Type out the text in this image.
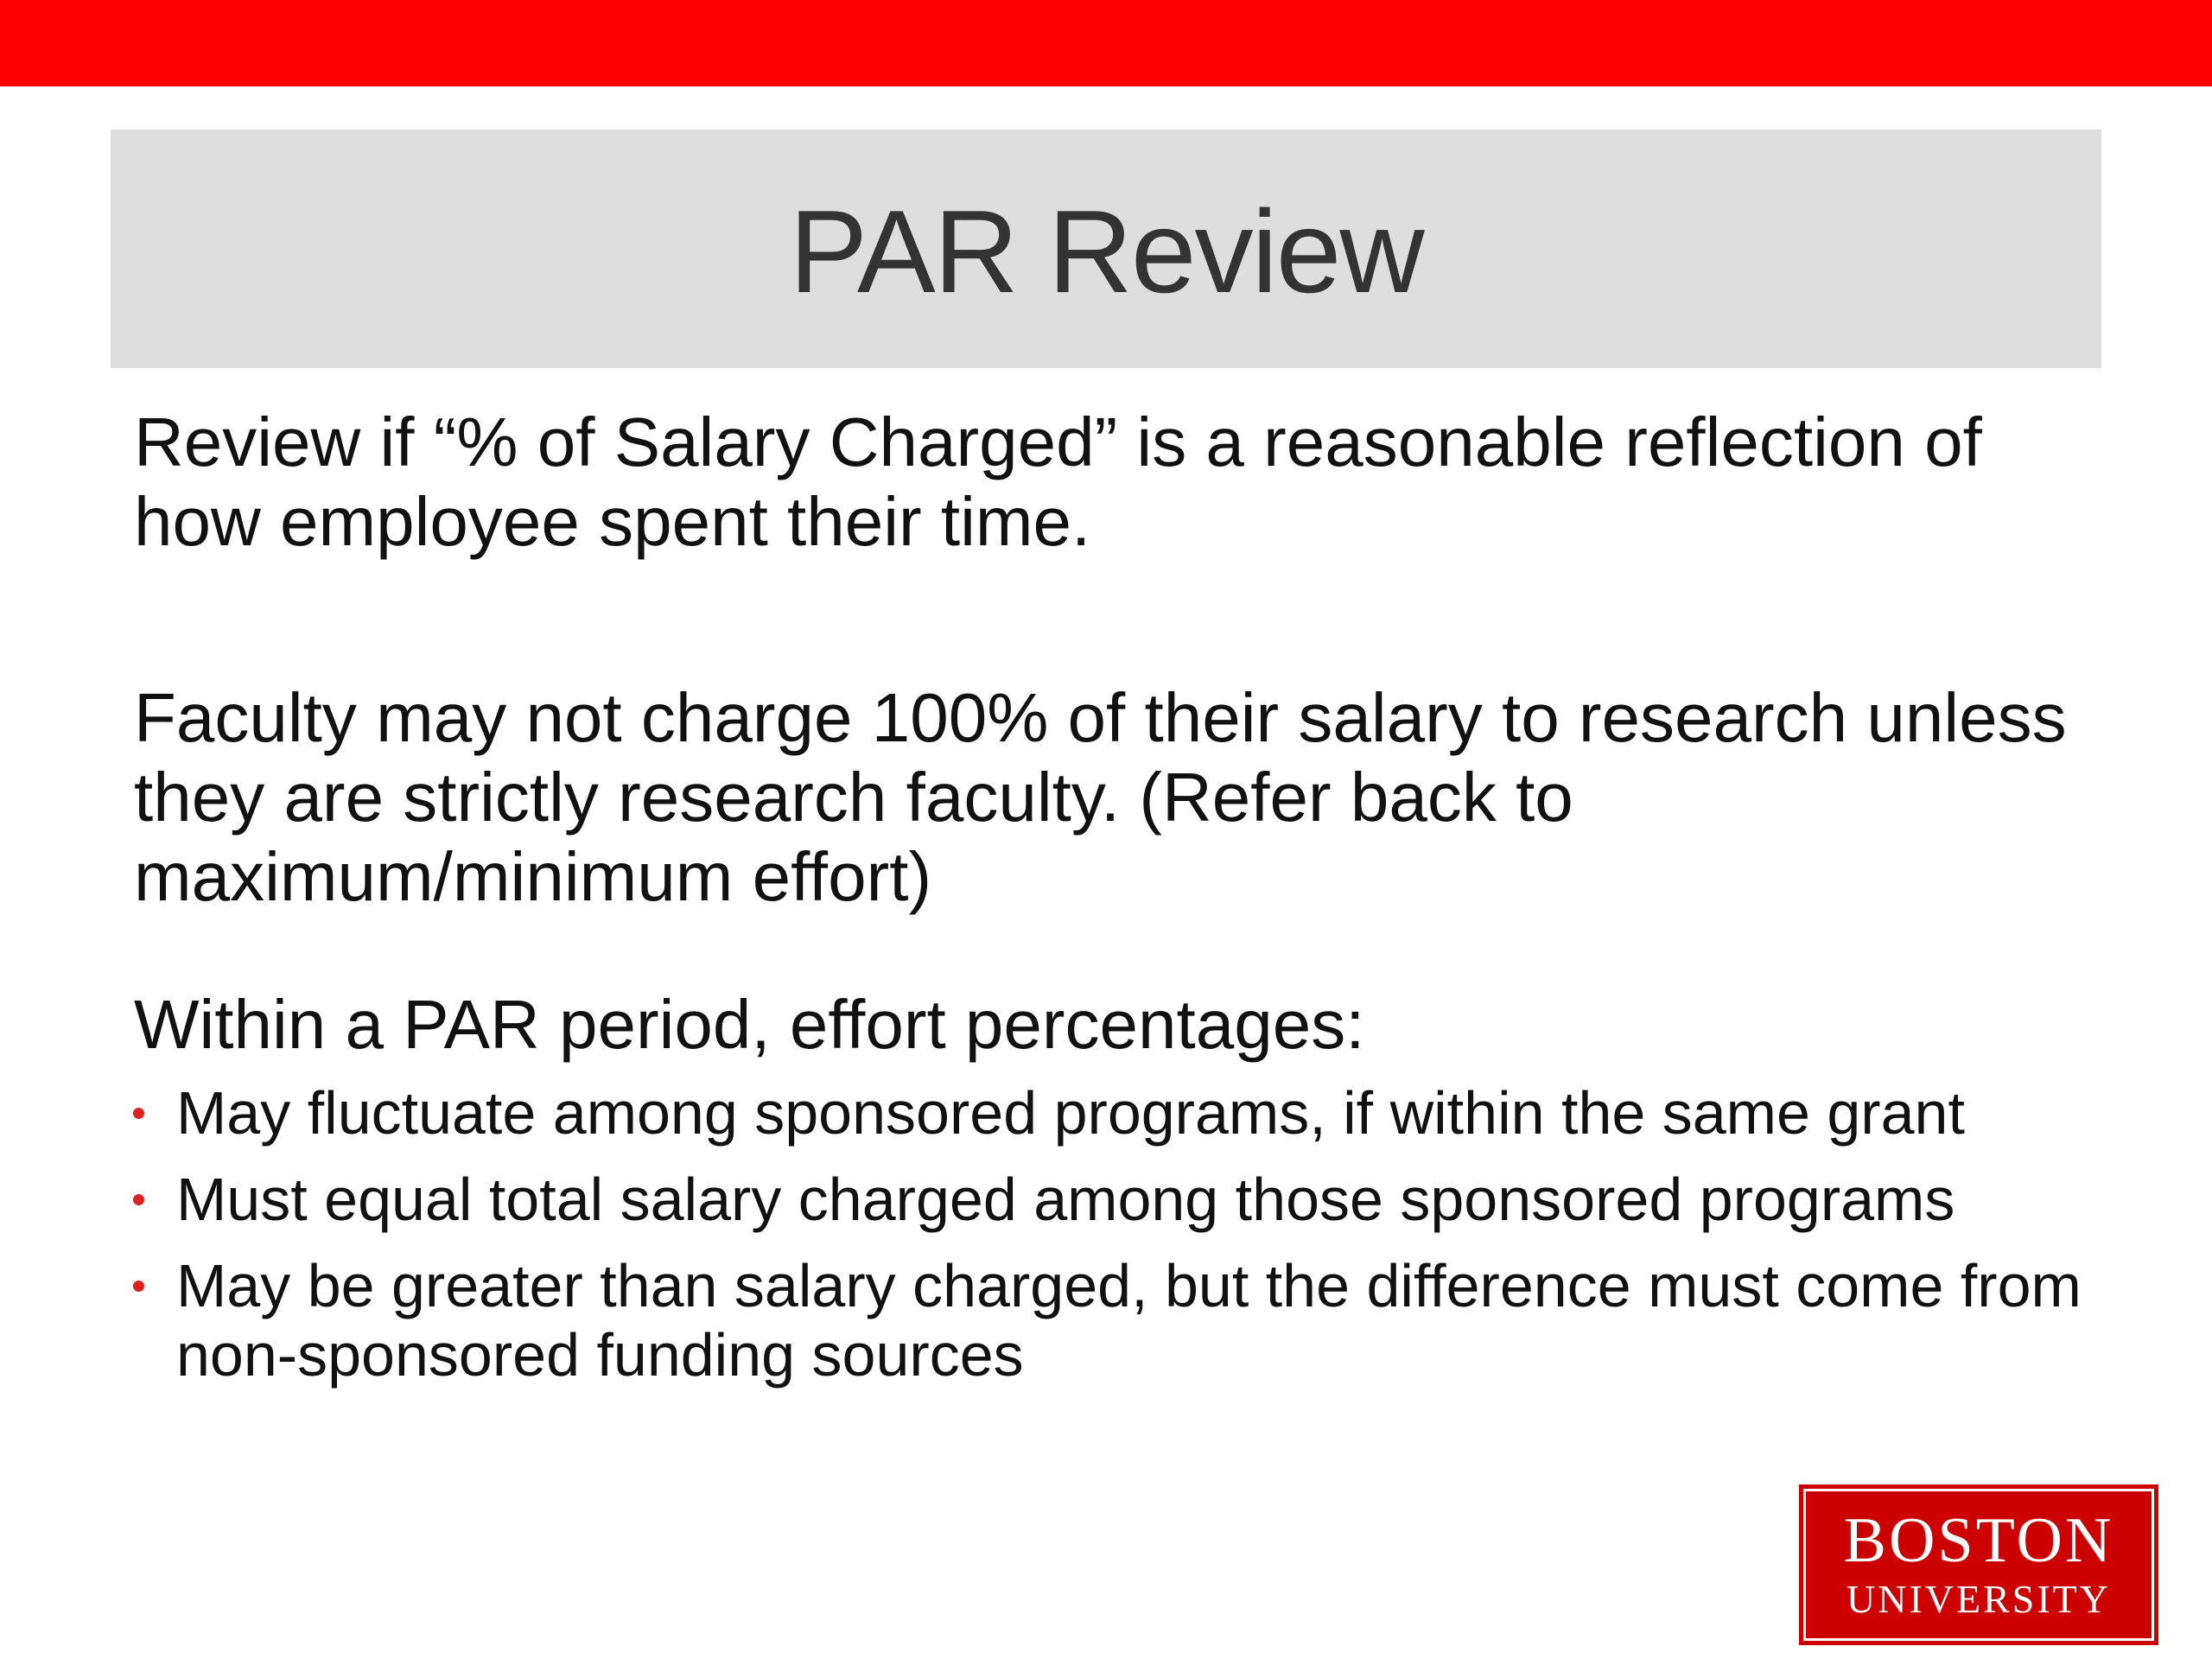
PAR Review

Review if “% of Salary Charged” is a reasonable reflection of how employee spent their time.

Faculty may not charge 100% of their salary to research unless they are strictly research faculty. (Refer back to maximum/minimum effort)

Within a PAR period, effort percentages:

May fluctuate among sponsored programs, if within the same grant
Must equal total salary charged among those sponsored programs
May be greater than salary charged, but the difference must come from non-sponsored funding sources
BOSTON
UNIVERSITY
